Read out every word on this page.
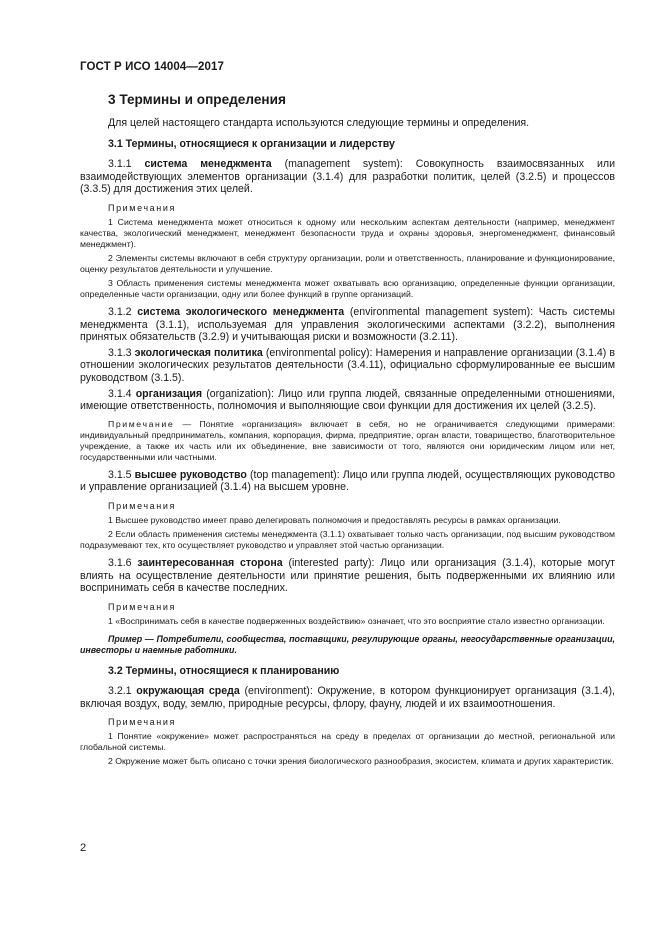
ГОСТ Р ИСО 14004—2017
3 Термины и определения

Для целей настоящего стандарта используются следующие термины и определения.

3.1 Термины, относящиеся к организации и лидерству

3.1.1 система менеджмента (management system): Совокупность взаимосвязанных или взаимодействующих элементов организации (3.1.4) для разработки политик, целей (3.2.5) и процессов (3.3.5) для достижения этих целей.

Примечания

1 Система менеджмента может относиться к одному или нескольким аспектам деятельности (например, менеджмент качества, экологический менеджмент, менеджмент безопасности труда и охраны здоровья, энергоменеджмент, финансовый менеджмент).

2 Элементы системы включают в себя структуру организации, роли и ответственность, планирование и функционирование, оценку результатов деятельности и улучшение.

3 Область применения системы менеджмента может охватывать всю организацию, определенные функции организации, определенные части организации, одну или более функций в группе организаций.

3.1.2 система экологического менеджмента (environmental management system): Часть системы менеджмента (3.1.1), используемая для управления экологическими аспектами (3.2.2), выполнения принятых обязательств (3.2.9) и учитывающая риски и возможности (3.2.11).

3.1.3 экологическая политика (environmental policy): Намерения и направление организации (3.1.4) в отношении экологических результатов деятельности (3.4.11), официально сформулированные ее высшим руководством (3.1.5).

3.1.4 организация (organization): Лицо или группа людей, связанные определенными отношениями, имеющие ответственность, полномочия и выполняющие свои функции для достижения их целей (3.2.5).

Примечание — Понятие «организация» включает в себя, но не ограничивается следующими примерами: индивидуальный предприниматель, компания, корпорация, фирма, предприятие, орган власти, товарищество, благотворительное учреждение, а также их часть или их объединение, вне зависимости от того, являются они юридическим лицом или нет, государственными или частными.

3.1.5 высшее руководство (top management): Лицо или группа людей, осуществляющих руководство и управление организацией (3.1.4) на высшем уровне.

Примечания

1 Высшее руководство имеет право делегировать полномочия и предоставлять ресурсы в рамках организации.

2 Если область применения системы менеджмента (3.1.1) охватывает только часть организации, под высшим руководством подразумевают тех, кто осуществляет руководство и управляет этой частью организации.

3.1.6 заинтересованная сторона (interested party): Лицо или организация (3.1.4), которые могут влиять на осуществление деятельности или принятие решения, быть подверженными их влиянию или воспринимать себя в качестве последних.

Примечания

1 «Воспринимать себя в качестве подверженных воздействию» означает, что это восприятие стало известно организации.

Пример — Потребители, сообщества, поставщики, регулирующие органы, негосударственные организации, инвесторы и наемные работники.

3.2 Термины, относящиеся к планированию

3.2.1 окружающая среда (environment): Окружение, в котором функционирует организация (3.1.4), включая воздух, воду, землю, природные ресурсы, флору, фауну, людей и их взаимоотношения.

Примечания

1 Понятие «окружение» может распространяться на среду в пределах от организации до местной, региональной или глобальной системы.

2 Окружение может быть описано с точки зрения биологического разнообразия, экосистем, климата и других характеристик.

2
